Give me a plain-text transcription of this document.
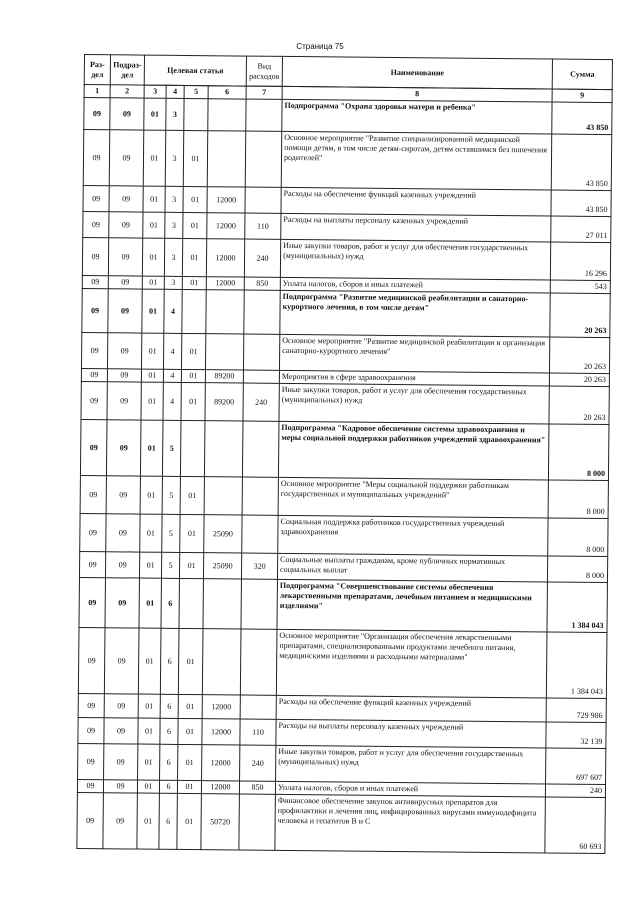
Страница 75
Раз-дел	Подраз-дел	Целевая статья				Вид расходов	Наименование	Сумма

1	2	3	4	5	6	7	8	9
09	09	01	3				Подпрограмма "Охрана здоровья матери и ребенка"	43 850
09	09	01	3	01			Основное мероприятие "Развитие специализированной медицинской помощи детям, в том числе детям-сиротам, детям оставшимся без попечения родителей"	43 850
09	09	01	3	01	12000		Расходы на обеспечение функций казенных учреждений	43 850
09	09	01	3	01	12000	110	Расходы на выплаты персоналу казенных учреждений	27 011
09	09	01	3	01	12000	240	Иные закупки товаров, работ и услуг для обеспечения государственных (муниципальных) нужд	16 296
09	09	01	3	01	12000	850	Уплата налогов, сборов и иных платежей	543
09	09	01	4				Подпрограмма "Развитие медицинской реабилитации и санаторно-курортного лечения, в том числе детям"	20 263
09	09	01	4	01			Основное мероприятие "Развитие медицинской реабилитации и организация санаторно-курортного лечения"	20 263
09	09	01	4	01	89200		Мероприятия в сфере здравоохранения	20 263
09	09	01	4	01	89200	240	Иные закупки товаров, работ и услуг для обеспечения государственных (муниципальных) нужд	20 263
09	09	01	5				Подпрограмма "Кадровое обеспечение системы здравоохранения и меры социальной поддержки работников учреждений здравоохранения"	8 000
09	09	01	5	01			Основное мероприятие "Меры социальной поддержки работникам государственных и муниципальных учреждений"	8 000
09	09	01	5	01	25090		Социальная поддержка работников государственных учреждений здравоохранения	8 000
09	09	01	5	01	25090	320	Социальные выплаты гражданам, кроме публичных нормативных социальных выплат	8 000
09	09	01	6				Подпрограмма "Совершенствование системы обеспечения лекарственными препаратами, лечебным питанием и медицинскими изделиями"	1 384 043
09	09	01	6	01			Основное мероприятие "Организация обеспечения лекарственными препаратами, специализированными продуктами лечебного питания, медицинскими изделиями и расходными материалами"	1 384 043
09	09	01	6	01	12000		Расходы на обеспечение функций казенных учреждений	729 986
09	09	01	6	01	12000	110	Расходы на выплаты персоналу казенных учреждений	32 139
09	09	01	6	01	12000	240	Иные закупки товаров, работ и услуг для обеспечения государственных (муниципальных) нужд	697 607
09	09	01	6	01	12000	850	Уплата налогов, сборов и иных платежей	240
09	09	01	6	01	50720		Финансовое обеспечение закупок антивирусных препаратов для профилактики и лечения лиц, инфицированных вирусами иммунодефицита человека и гепатитов В и С	60 693
